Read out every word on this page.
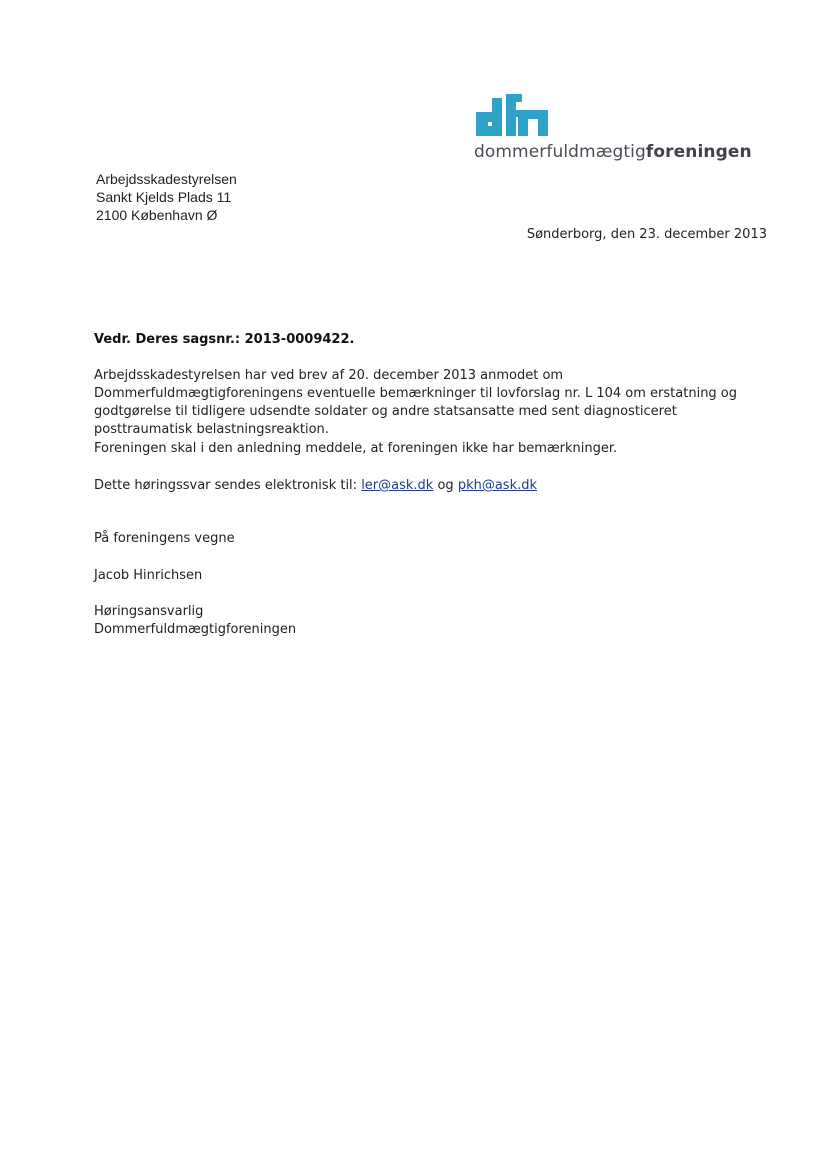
dommerfuldmægtigforeningen
Arbejdsskadestyrelsen
Sankt Kjelds Plads 11
2100 København Ø
Sønderborg, den 23. december 2013
Vedr. Deres sagsnr.: 2013-0009422.
Arbejdsskadestyrelsen har ved brev af 20. december 2013 anmodet om Dommerfuldmægtigforeningens eventuelle bemærkninger til lovforslag nr. L 104 om erstatning og godtgørelse til tidligere udsendte soldater og andre statsansatte med sent diagnosticeret posttraumatisk belastningsreaktion.
Foreningen skal i den anledning meddele, at foreningen ikke har bemærkninger.
Dette høringssvar sendes elektronisk til: ler@ask.dk og pkh@ask.dk
På foreningens vegne
Jacob Hinrichsen
Høringsansvarlig
Dommerfuldmægtigforeningen
